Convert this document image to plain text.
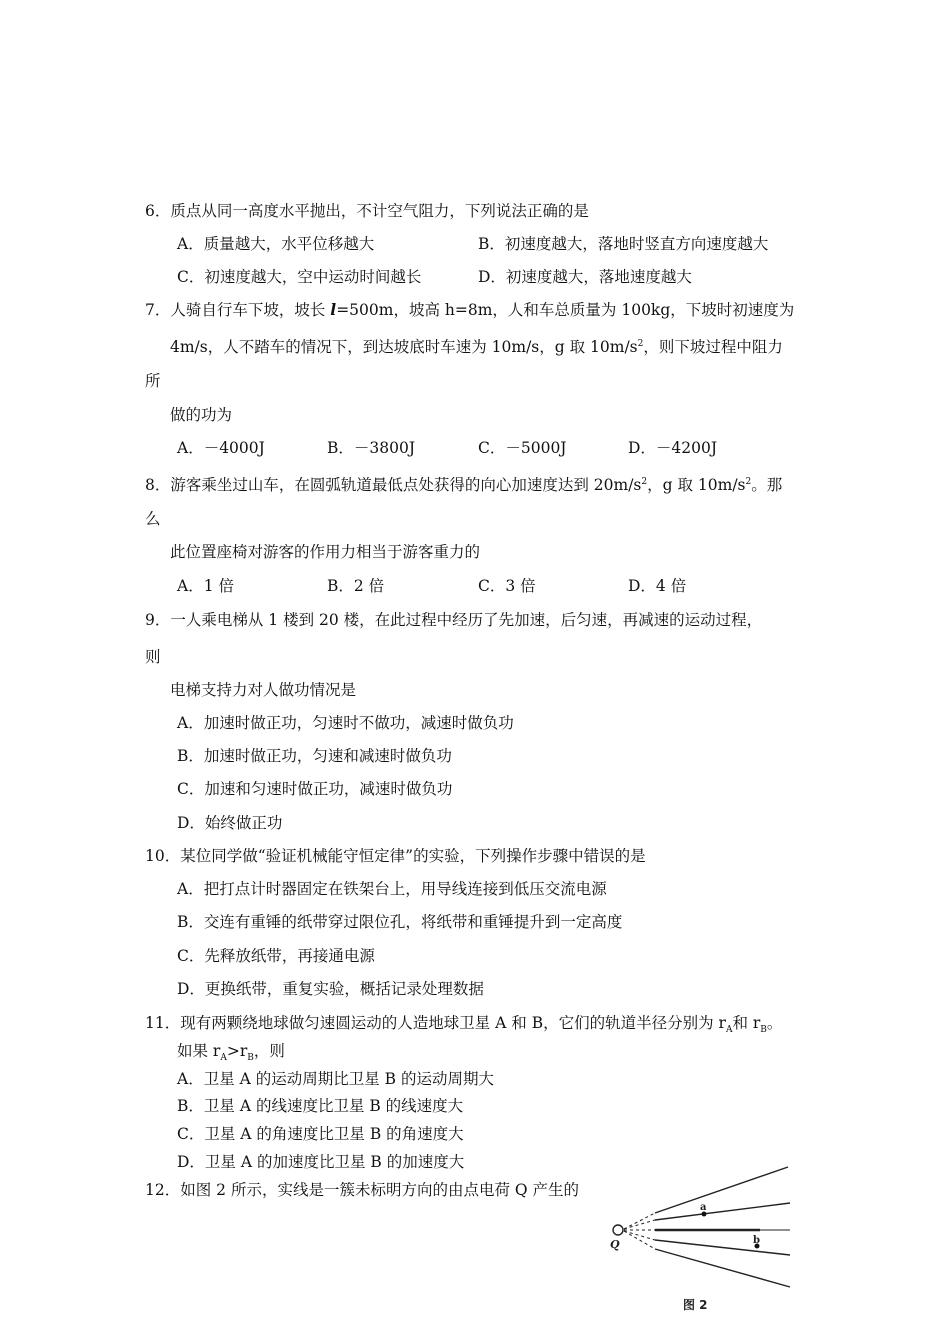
6．质点从同一高度水平抛出，不计空气阻力，下列说法正确的是
A．质量越大，水平位移越大	B．初速度越大，落地时竖直方向速度越大
C．初速度越大，空中运动时间越长	D．初速度越大，落地速度越大
7．人骑自行车下坡，坡长 l=500m，坡高 h=8m，人和车总质量为 100kg，下坡时初速度为
4m/s，人不踏车的情况下，到达坡底时车速为 10m/s，g 取 $10m/s^2$，则下坡过程中阻力
所
做的功为
A．－4000J	B．－3800J	C．－5000J	D．－4200J
8．游客乘坐过山车，在圆弧轨道最低点处获得的向心加速度达到 $20m/s^2$，g 取 $10m/s^2$。那
么
此位置座椅对游客的作用力相当于游客重力的
A．1 倍	B．2 倍	C．3 倍	D．4 倍
9．一人乘电梯从 1 楼到 20 楼，在此过程中经历了先加速，后匀速，再减速的运动过程，
则
电梯支持力对人做功情况是
A．加速时做正功，匀速时不做功，减速时做负功
B．加速时做正功，匀速和减速时做负功
C．加速和匀速时做正功，减速时做负功
D．始终做正功
10．某位同学做“验证机械能守恒定律”的实验，下列操作步骤中错误的是
A．把打点计时器固定在铁架台上，用导线连接到低压交流电源
B．交连有重锤的纸带穿过限位孔，将纸带和重锤提升到一定高度
C．先释放纸带，再接通电源
D．更换纸带，重复实验，概括记录处理数据
11．现有两颗绕地球做匀速圆运动的人造地球卫星 A 和 B，它们的轨道半径分别为 $r_A$和 $r_B$。
如果 $r_A>r_B$，则
A．卫星 A 的运动周期比卫星 B 的运动周期大
B．卫星 A 的线速度比卫星 B 的线速度大
C．卫星 A 的角速度比卫星 B 的角速度大
D．卫星 A 的加速度比卫星 B 的加速度大
12．如图 2 所示，实线是一簇未标明方向的由点电荷 Q 产生的
Q
a
b
图 2
